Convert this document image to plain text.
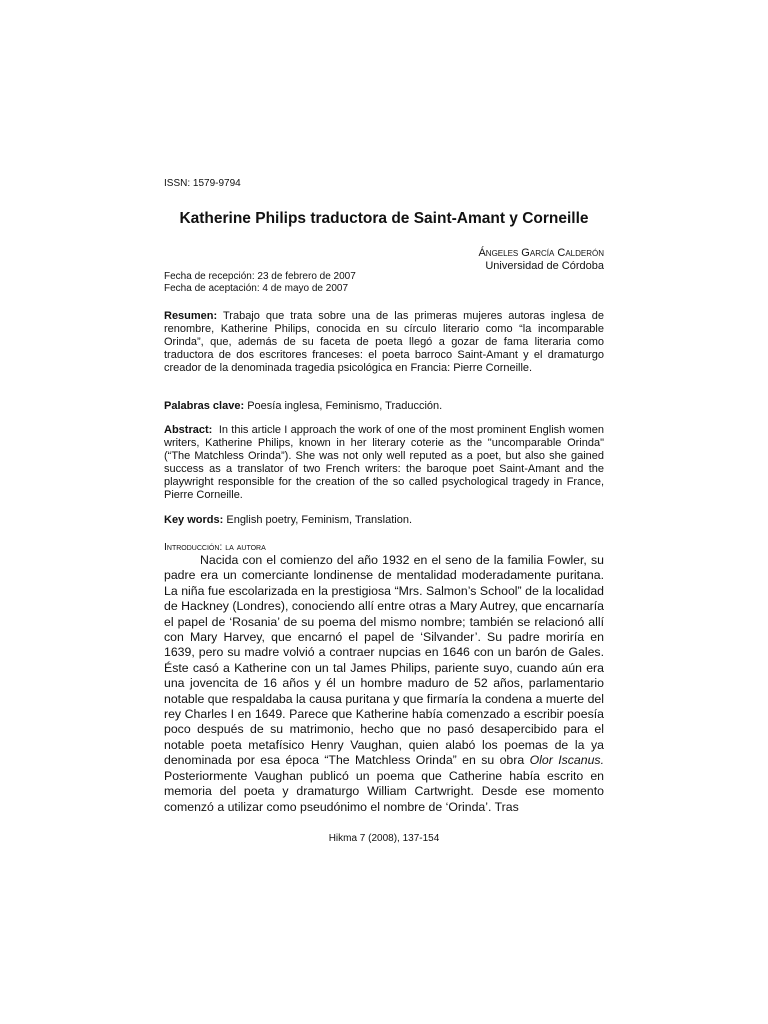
ISSN: 1579-9794
Katherine Philips traductora de Saint-Amant y Corneille
Ángeles García Calderón
Universidad de Córdoba
Fecha de recepción: 23 de febrero de 2007
Fecha de aceptación: 4 de mayo de 2007

Resumen: Trabajo que trata sobre una de las primeras mujeres autoras inglesa de renombre, Katherine Philips, conocida en su círculo literario como “la incomparable Orinda”, que, además de su faceta de poeta llegó a gozar de fama literaria como traductora de dos escritores franceses: el poeta barroco Saint-Amant y el dramaturgo creador de la denominada tragedia psicológica en Francia: Pierre Corneille.

Palabras clave: Poesía inglesa, Feminismo, Traducción.

Abstract: In this article I approach the work of one of the most prominent English women writers, Katherine Philips, known in her literary coterie as the "uncomparable Orinda" (“The Matchless Orinda”). She was not only well reputed as a poet, but also she gained success as a translator of two French writers: the baroque poet Saint-Amant and the playwright responsible for the creation of the so called psychological tragedy in France, Pierre Corneille.

Key words: English poetry, Feminism, Translation.

Introducción: la autora

Nacida con el comienzo del año 1932 en el seno de la familia Fowler, su padre era un comerciante londinense de mentalidad moderadamente puritana. La niña fue escolarizada en la prestigiosa “Mrs. Salmon’s School” de la localidad de Hackney (Londres), conociendo allí entre otras a Mary Autrey, que encarnaría el papel de ‘Rosania’ de su poema del mismo nombre; también se relacionó allí con Mary Harvey, que encarnó el papel de ‘Silvander’. Su padre moriría en 1639, pero su madre volvió a contraer nupcias en 1646 con un barón de Gales. Éste casó a Katherine con un tal James Philips, pariente suyo, cuando aún era una jovencita de 16 años y él un hombre maduro de 52 años, parlamentario notable que respaldaba la causa puritana y que firmaría la condena a muerte del rey Charles I en 1649. Parece que Katherine había comenzado a escribir poesía poco después de su matrimonio, hecho que no pasó desapercibido para el notable poeta metafísico Henry Vaughan, quien alabó los poemas de la ya denominada por esa época “The Matchless Orinda” en su obra Olor Iscanus. Posteriormente Vaughan publicó un poema que Catherine había escrito en memoria del poeta y dramaturgo William Cartwright. Desde ese momento comenzó a utilizar como pseudónimo el nombre de ‘Orinda’. Tras

Hikma 7 (2008), 137-154
